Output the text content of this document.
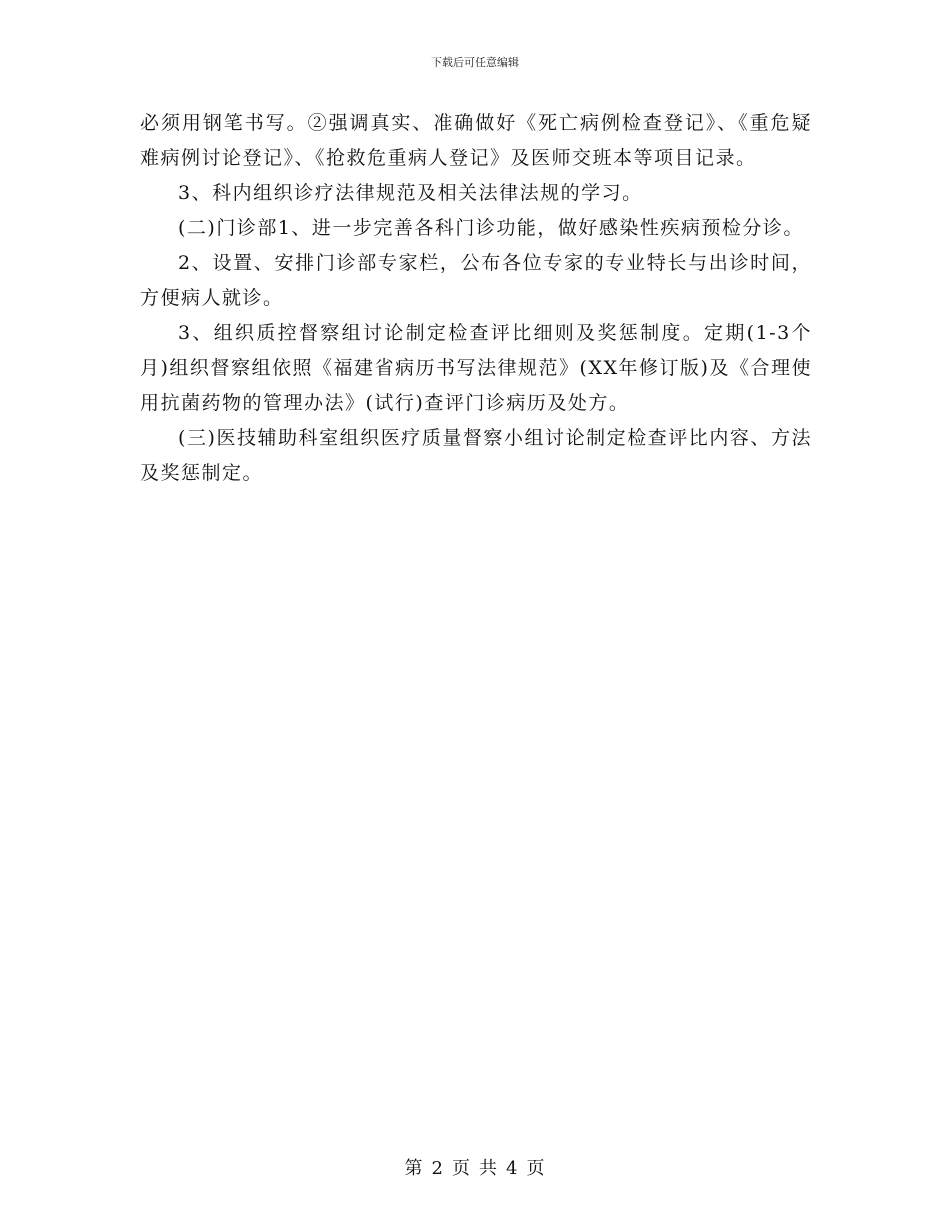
下载后可任意编辑

必须用钢笔书写。②强调真实、准确做好《死亡病例检查登记》、《重危疑难病例讨论登记》、《抢救危重病人登记》及医师交班本等项目记录。

3、科内组织诊疗法律规范及相关法律法规的学习。

(二)门诊部1、进一步完善各科门诊功能，做好感染性疾病预检分诊。

2、设置、安排门诊部专家栏，公布各位专家的专业特长与出诊时间，方便病人就诊。

3、组织质控督察组讨论制定检查评比细则及奖惩制度。定期(1-3个月)组织督察组依照《福建省病历书写法律规范》(XX年修订版)及《合理使用抗菌药物的管理办法》(试行)查评门诊病历及处方。

(三)医技辅助科室组织医疗质量督察小组讨论制定检查评比内容、方法及奖惩制定。

第 2 页 共 4 页
